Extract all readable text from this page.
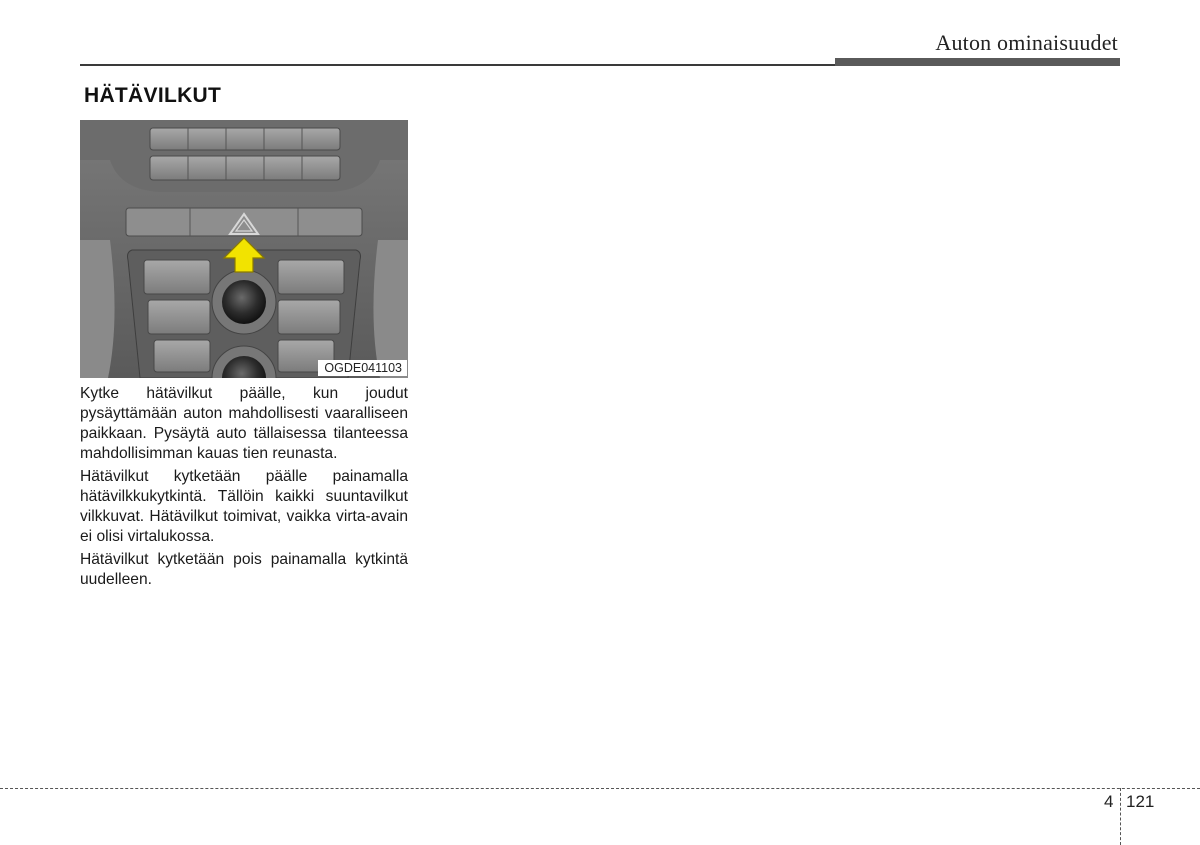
Auton ominaisuudet
HÄTÄVILKUT
OGDE041103

Kytke hätävilkut päälle, kun joudut pysäyttämään auton mahdollisesti vaaralliseen paikkaan. Pysäytä auto tällaisessa tilanteessa mahdollisimman kauas tien reunasta.

Hätävilkut kytketään päälle painamalla hätävilkkukytkintä. Tällöin kaikki suuntavilkut vilkkuvat. Hätävilkut toimivat, vaikka virta-avain ei olisi virtalukossa.

Hätävilkut kytketään pois painamalla kytkintä uudelleen.

4 121
